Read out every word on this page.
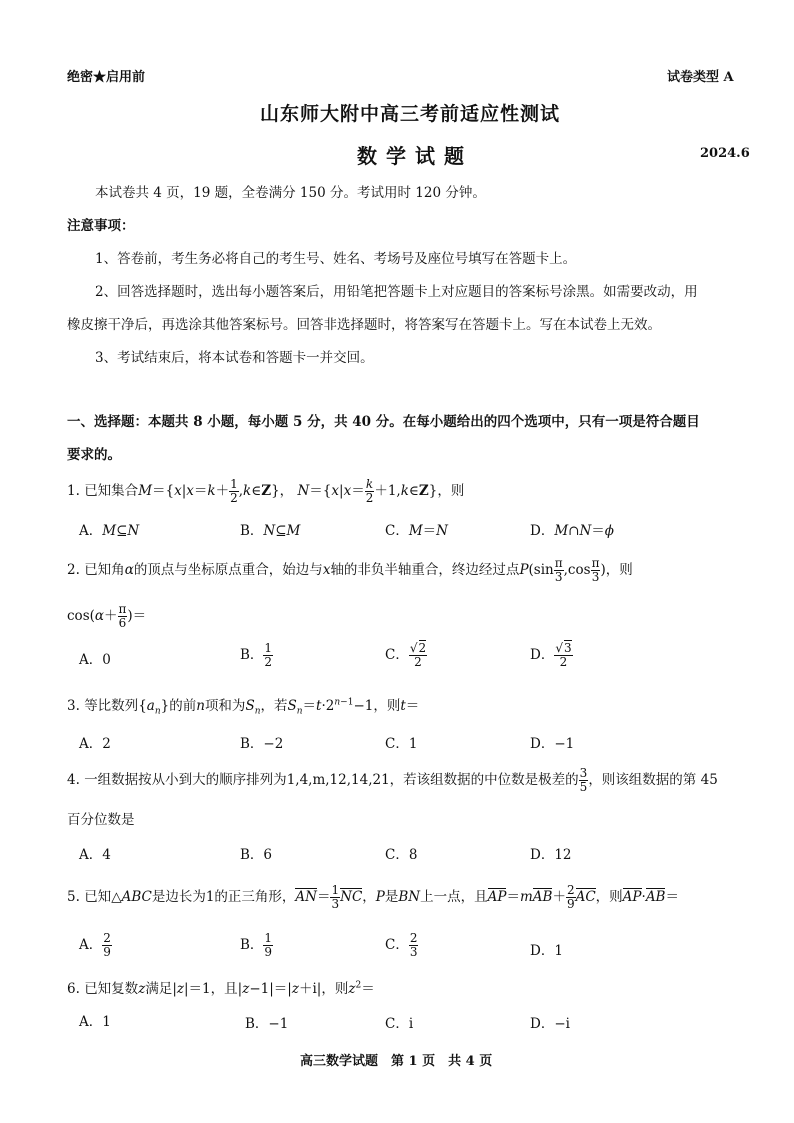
绝密★启用前	试卷类型 A
山东师大附中高三考前适应性测试
数学试题	2024.6
本试卷共 4 页，19 题，全卷满分 150 分。考试用时 120 分钟。
注意事项：
1、答卷前，考生务必将自己的考生号、姓名、考场号及座位号填写在答题卡上。
2、回答选择题时，选出每小题答案后，用铅笔把答题卡上对应题目的答案标号涂黑。如需要改动，用
橡皮擦干净后，再选涂其他答案标号。回答非选择题时，将答案写在答题卡上。写在本试卷上无效。
3、考试结束后，将本试卷和答题卡一并交回。
一、选择题：本题共 8 小题，每小题 5 分，共 40 分。在每小题给出的四个选项中，只有一项是符合题目
要求的。
1. 已知集合$M=\{x|x=k+ \frac{1}{2}$ ,k∈Z}， $N=\{x|x= \frac{k}{2}$ ＋1,k∈Z}，则
A．M⊆N	B．N⊆M	C．M＝N	D．M∩N＝ϕ
2. 已知角α的顶点与坐标原点重合，始边与x轴的非负半轴重合，终边经过点$P(\sin \frac{\pi}{3} ,\cos \frac{\pi}{3}$ )，则
$\cos(\alpha+ \frac{\pi}{6}$ )＝
A．0	B． $\frac{1}{2}$	C． $\frac{√2}{2}$	D． $\frac{√3}{2}$
3. 等比数列$\{a_n\}$的前n项和为$S_n$，若$S_n=t\cdot 2^{n-1}-1$，则t＝
A．2	B．−2	C．1	D．−1
4. 一组数据按从小到大的顺序排列为1,4,m,12,14,21，若该组数据的中位数是极差的 $\frac{3}{5}$ ，则该组数据的第 45
百分位数是
A．4	B．6	C．8	D．12
5. 已知△ABC是边长为1的正三角形，$AN= \frac{1}{3}$ NC，P是BN上一点，且$AP=mAB+ \frac{2}{9}$ AC，则AP·AB＝
A． $\frac{2}{9}$	B． $\frac{1}{9}$	C． $\frac{2}{3}$	D．1
6. 已知复数z满足|z|＝1，且|z−1|＝|z＋i|，则$z^2=$
A．1	B．−1	C．i	D．−i
高三数学试题　第 1 页　共 4 页
